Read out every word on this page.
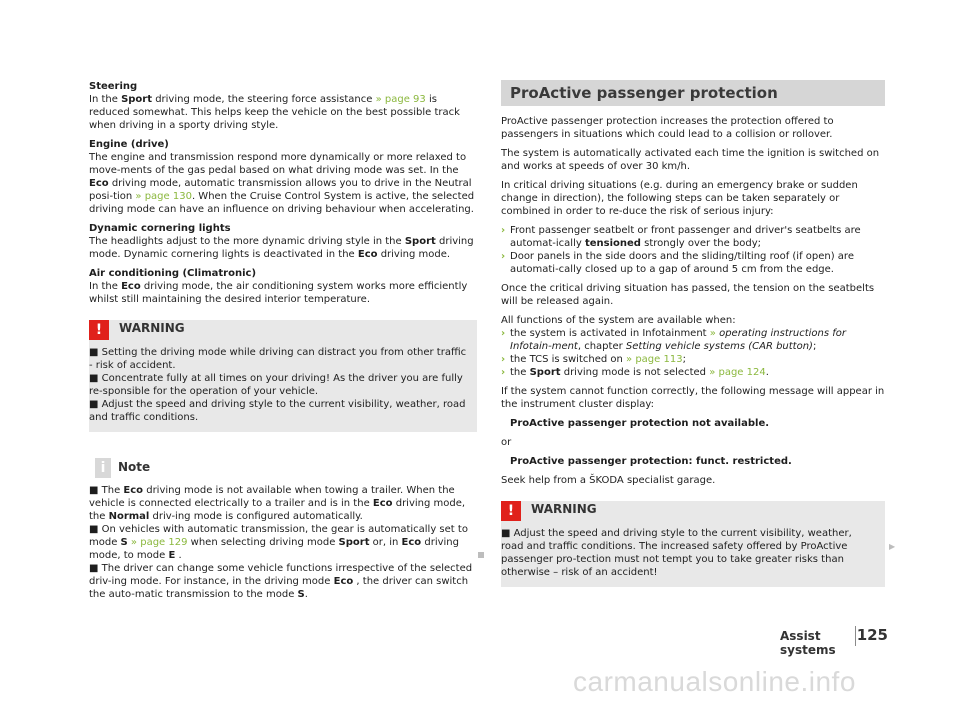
Steering
In the Sport driving mode, the steering force assistance » page 93 is reduced somewhat. This helps keep the vehicle on the best possible track when driving in a sporty driving style.

Engine (drive)
The engine and transmission respond more dynamically or more relaxed to move-ments of the gas pedal based on what driving mode was set. In the Eco driving mode, automatic transmission allows you to drive in the Neutral posi-tion » page 130. When the Cruise Control System is active, the selected driving mode can have an influence on driving behaviour when accelerating.

Dynamic cornering lights
The headlights adjust to the more dynamic driving style in the Sport driving mode. Dynamic cornering lights is deactivated in the Eco driving mode.

Air conditioning (Climatronic)
In the Eco driving mode, the air conditioning system works more efficiently whilst still maintaining the desired interior temperature.

!	WARNING

■ Setting the driving mode while driving can distract you from other traffic - risk of accident.

■ Concentrate fully at all times on your driving! As the driver you are fully re-sponsible for the operation of your vehicle.

■ Adjust the speed and driving style to the current visibility, weather, road and traffic conditions.

i	Note

■ The Eco driving mode is not available when towing a trailer. When the vehicle is connected electrically to a trailer and is in the Eco driving mode, the Normal driv-ing mode is configured automatically.

■ On vehicles with automatic transmission, the gear is automatically set to mode S » page 129 when selecting driving mode Sport or, in Eco driving mode, to mode E .

■ The driver can change some vehicle functions irrespective of the selected driv-ing mode. For instance, in the driving mode Eco , the driver can switch the auto-matic transmission to the mode S.

ProActive passenger protection

ProActive passenger protection increases the protection offered to passengers in situations which could lead to a collision or rollover.

The system is automatically activated each time the ignition is switched on and works at speeds of over 30 km/h.

In critical driving situations (e.g. during an emergency brake or sudden change in direction), the following steps can be taken separately or combined in order to re-duce the risk of serious injury:

› Front passenger seatbelt or front passenger and driver's seatbelts are automat-ically tensioned strongly over the body;

› Door panels in the side doors and the sliding/tilting roof (if open) are automati-cally closed up to a gap of around 5 cm from the edge.

Once the critical driving situation has passed, the tension on the seatbelts will be released again.

All functions of the system are available when:

› the system is activated in Infotainment » operating instructions for Infotain-ment, chapter Setting vehicle systems (CAR button);

› the TCS is switched on » page 113;

› the Sport driving mode is not selected » page 124.

If the system cannot function correctly, the following message will appear in the instrument cluster display:

ProActive passenger protection not available.

or

ProActive passenger protection: funct. restricted.

Seek help from a ŠKODA specialist garage.

!	WARNING

■ Adjust the speed and driving style to the current visibility, weather, road and traffic conditions. The increased safety offered by ProActive passenger pro-tection must not tempt you to take greater risks than otherwise – risk of an accident!

▶
Assist systems
125
carmanualsonline.info
